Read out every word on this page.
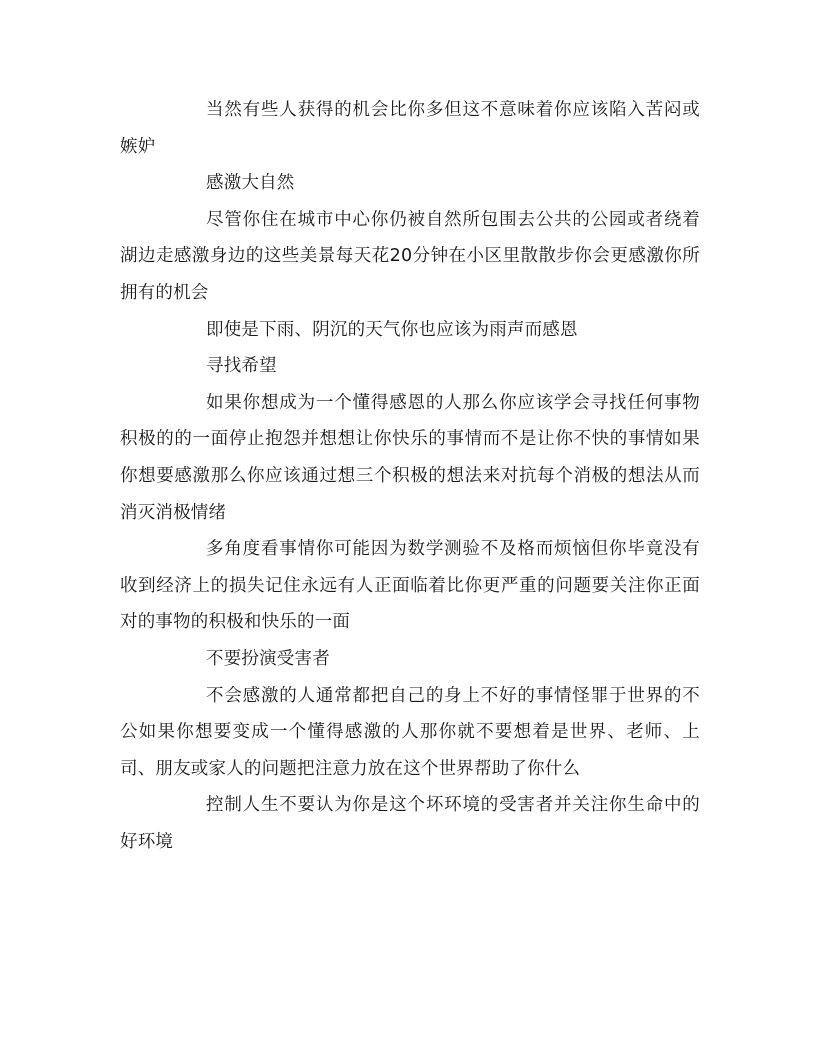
当然有些人获得的机会比你多但这不意味着你应该陷入苦闷或嫉妒

感激大自然

尽管你住在城市中心你仍被自然所包围去公共的公园或者绕着湖边走感激身边的这些美景每天花20分钟在小区里散散步你会更感激你所拥有的机会

即使是下雨、阴沉的天气你也应该为雨声而感恩

寻找希望

如果你想成为一个懂得感恩的人那么你应该学会寻找任何事物积极的的一面停止抱怨并想想让你快乐的事情而不是让你不快的事情如果你想要感激那么你应该通过想三个积极的想法来对抗每个消极的想法从而消灭消极情绪

多角度看事情你可能因为数学测验不及格而烦恼但你毕竟没有收到经济上的损失记住永远有人正面临着比你更严重的问题要关注你正面对的事物的积极和快乐的一面

不要扮演受害者

不会感激的人通常都把自己的身上不好的事情怪罪于世界的不公如果你想要变成一个懂得感激的人那你就不要想着是世界、老师、上司、朋友或家人的问题把注意力放在这个世界帮助了你什么

控制人生不要认为你是这个坏环境的受害者并关注你生命中的好环境
